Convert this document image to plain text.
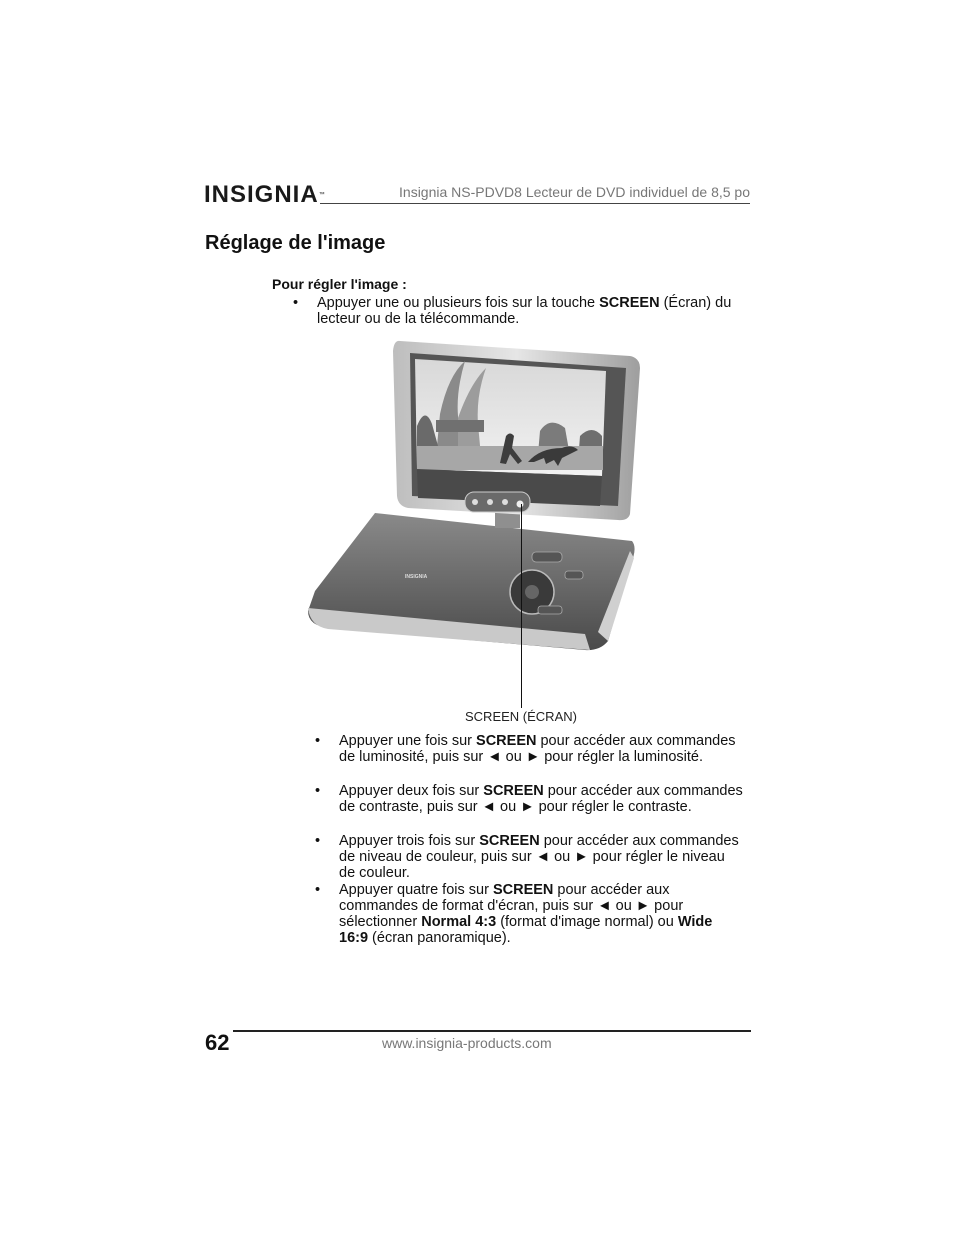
INSIGNIA™	Insignia NS-PDVD8 Lecteur de DVD individuel de 8,5 po
Réglage de l'image
Pour régler l'image :
• Appuyer une ou plusieurs fois sur la touche SCREEN (Écran) du lecteur ou de la télécommande.
INSIGNIA
SCREEN (ÉCRAN)
• Appuyer une fois sur SCREEN pour accéder aux commandes de luminosité, puis sur ◄ ou ► pour régler la luminosité.
• Appuyer deux fois sur SCREEN pour accéder aux commandes de contraste, puis sur ◄ ou ► pour régler le contraste.
• Appuyer trois fois sur SCREEN pour accéder aux commandes de niveau de couleur, puis sur ◄ ou ► pour régler le niveau de couleur.
• Appuyer quatre fois sur SCREEN pour accéder aux commandes de format d'écran, puis sur ◄ ou ► pour sélectionner Normal 4:3 (format d'image normal) ou Wide 16:9 (écran panoramique).
62	www.insignia-products.com
